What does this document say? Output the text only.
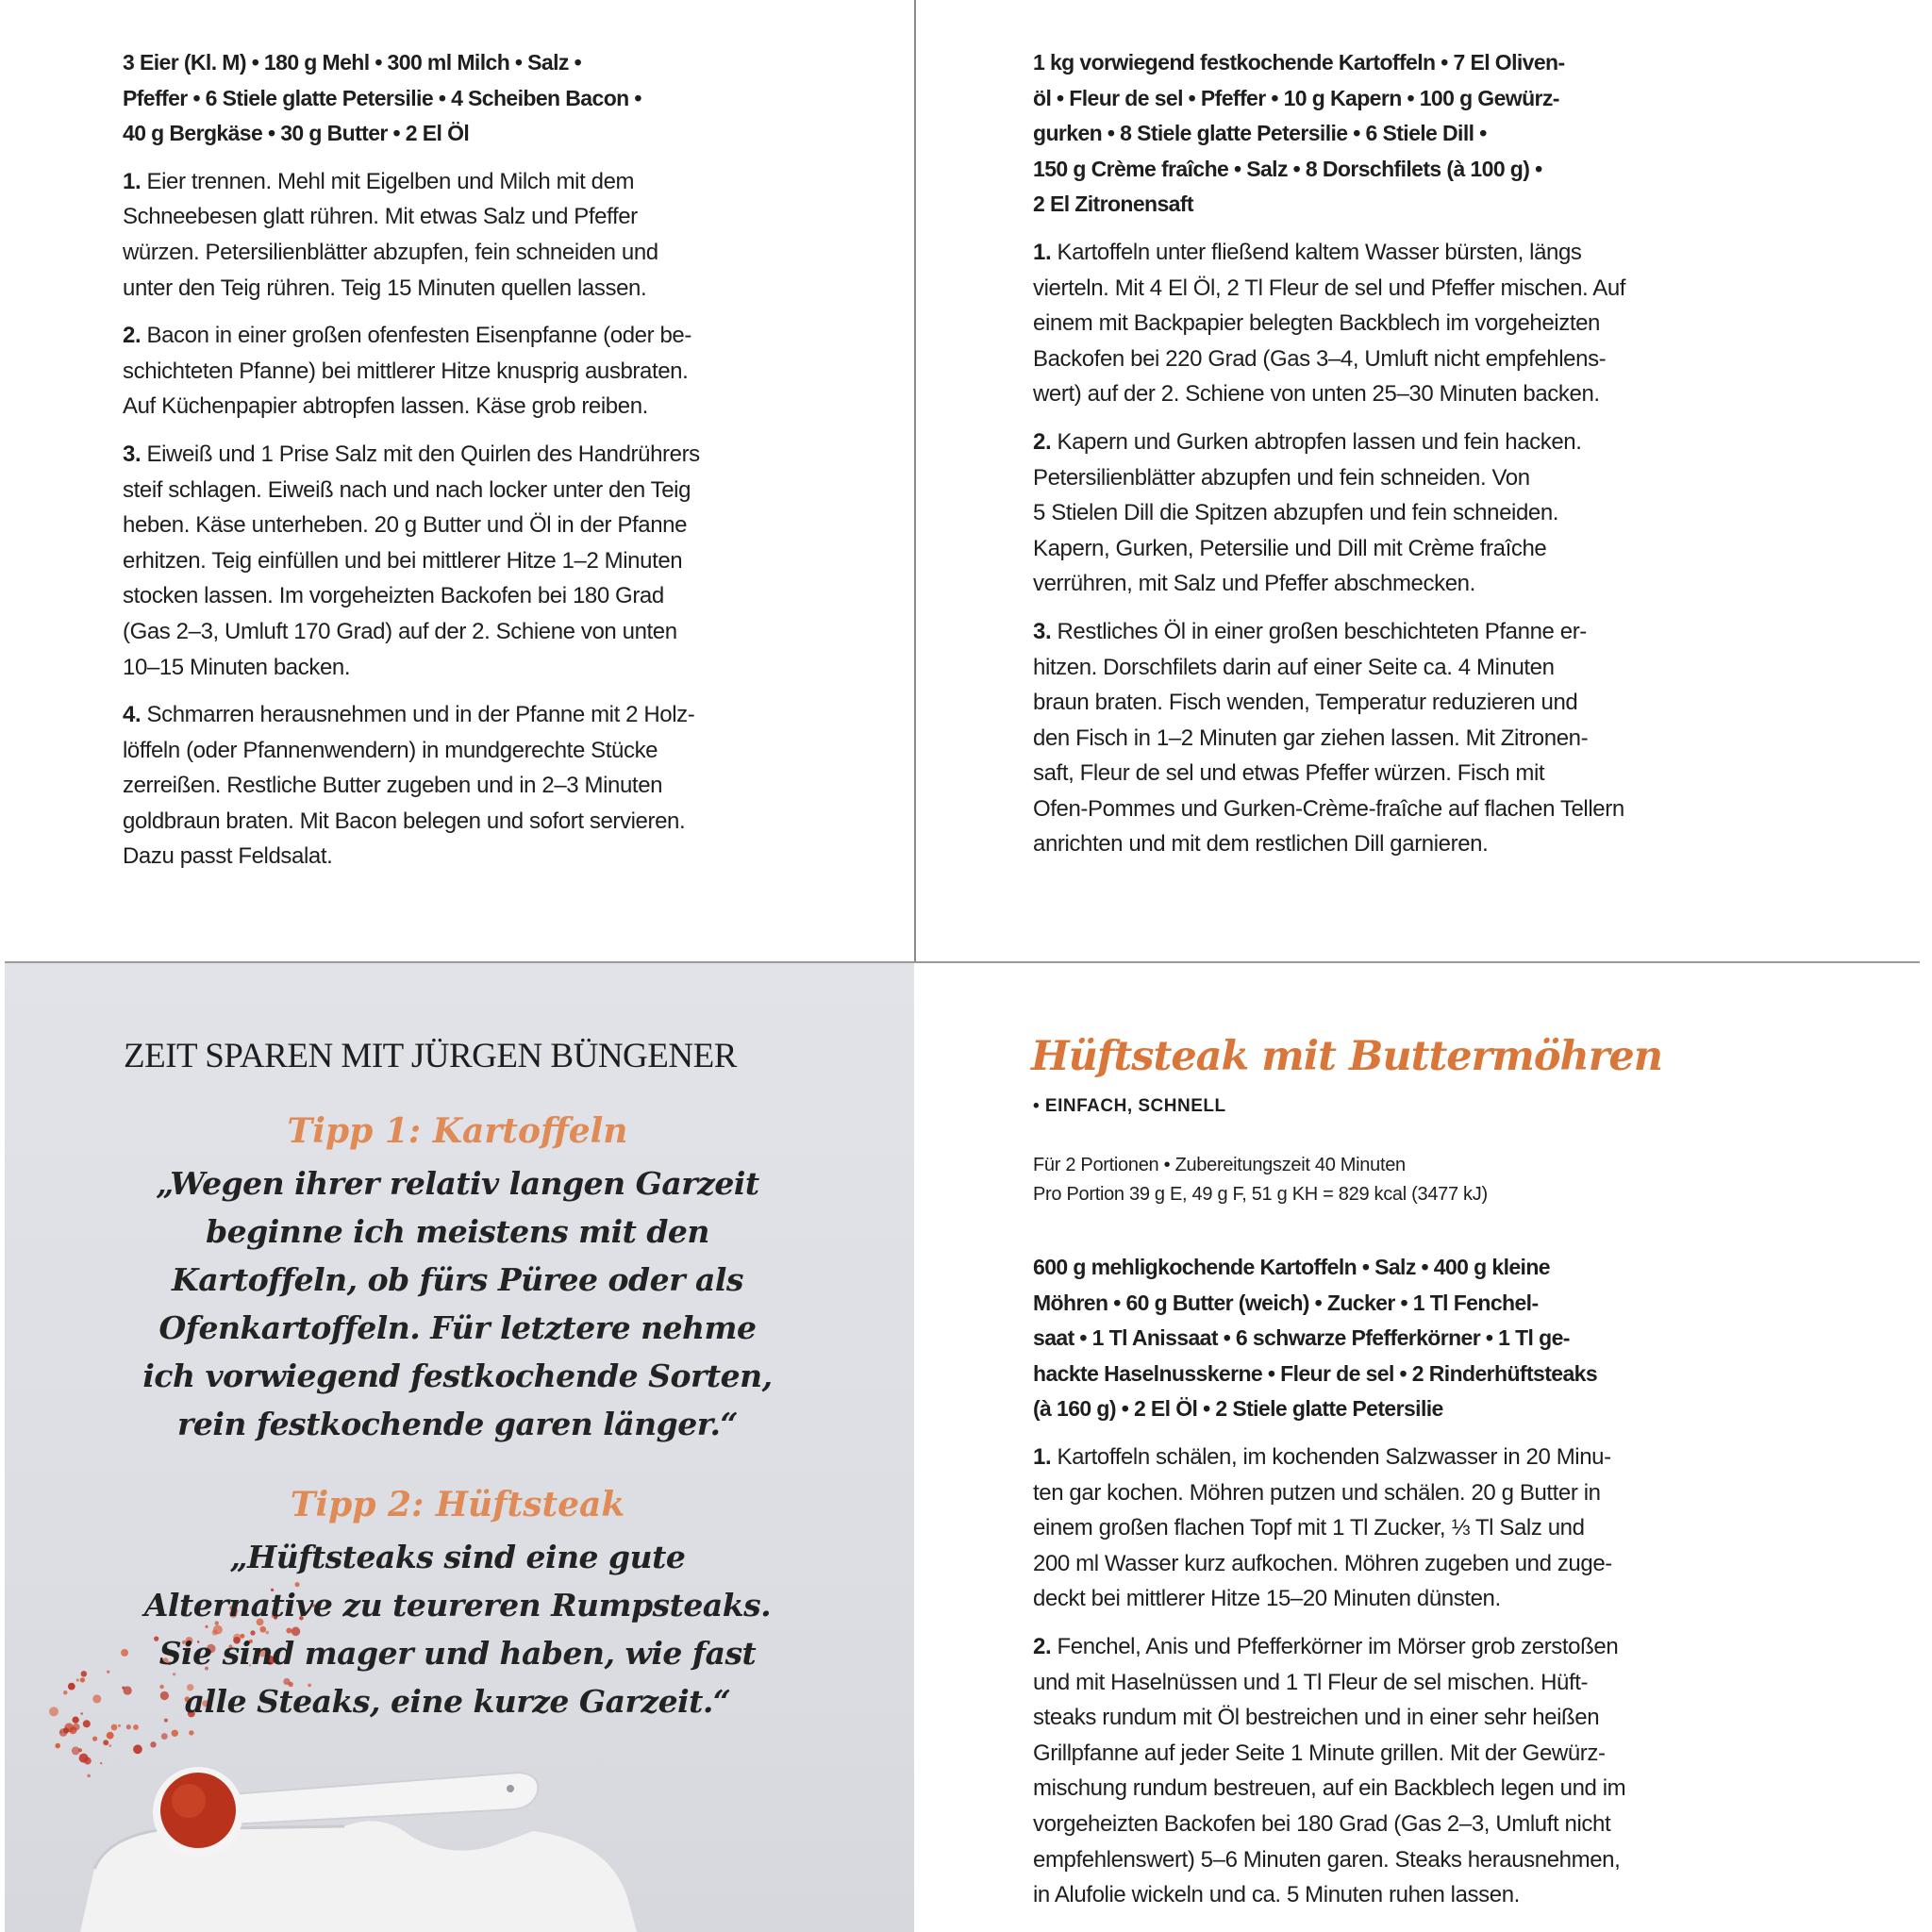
3 Eier (Kl. M) • 180 g Mehl • 300 ml Milch • Salz •
Pfeffer • 6 Stiele glatte Petersilie • 4 Scheiben Bacon •
40 g Bergkäse • 30 g Butter • 2 El Öl
1. Eier trennen. Mehl mit Eigelben und Milch mit dem
Schneebesen glatt rühren. Mit etwas Salz und Pfeffer
würzen. Petersilienblätter abzupfen, fein schneiden und
unter den Teig rühren. Teig 15 Minuten quellen lassen.
2. Bacon in einer großen ofenfesten Eisenpfanne (oder be-
schichteten Pfanne) bei mittlerer Hitze knusprig ausbraten.
Auf Küchenpapier abtropfen lassen. Käse grob reiben.
3. Eiweiß und 1 Prise Salz mit den Quirlen des Handrührers
steif schlagen. Eiweiß nach und nach locker unter den Teig
heben. Käse unterheben. 20 g Butter und Öl in der Pfanne
erhitzen. Teig einfüllen und bei mittlerer Hitze 1–2 Minuten
stocken lassen. Im vorgeheizten Backofen bei 180 Grad
(Gas 2–3, Umluft 170 Grad) auf der 2. Schiene von unten
10–15 Minuten backen.
4. Schmarren herausnehmen und in der Pfanne mit 2 Holz-
löffeln (oder Pfannenwendern) in mundgerechte Stücke
zerreißen. Restliche Butter zugeben und in 2–3 Minuten
goldbraun braten. Mit Bacon belegen und sofort servieren.
Dazu passt Feldsalat.
1 kg vorwiegend festkochende Kartoffeln • 7 El Oliven-
öl • Fleur de sel • Pfeffer • 10 g Kapern • 100 g Gewürz-
gurken • 8 Stiele glatte Petersilie • 6 Stiele Dill •
150 g Crème fraîche • Salz • 8 Dorschfilets (à 100 g) •
2 El Zitronensaft
1. Kartoffeln unter fließend kaltem Wasser bürsten, längs
vierteln. Mit 4 El Öl, 2 Tl Fleur de sel und Pfeffer mischen. Auf
einem mit Backpapier belegten Backblech im vorgeheizten
Backofen bei 220 Grad (Gas 3–4, Umluft nicht empfehlens-
wert) auf der 2. Schiene von unten 25–30 Minuten backen.
2. Kapern und Gurken abtropfen lassen und fein hacken.
Petersilienblätter abzupfen und fein schneiden. Von
5 Stielen Dill die Spitzen abzupfen und fein schneiden.
Kapern, Gurken, Petersilie und Dill mit Crème fraîche
verrühren, mit Salz und Pfeffer abschmecken.
3. Restliches Öl in einer großen beschichteten Pfanne er-
hitzen. Dorschfilets darin auf einer Seite ca. 4 Minuten
braun braten. Fisch wenden, Temperatur reduzieren und
den Fisch in 1–2 Minuten gar ziehen lassen. Mit Zitronen-
saft, Fleur de sel und etwas Pfeffer würzen. Fisch mit
Ofen-Pommes und Gurken-Crème-fraîche auf flachen Tellern
anrichten und mit dem restlichen Dill garnieren.
ZEIT SPAREN MIT JÜRGEN BÜNGENER
Tipp 1: Kartoffeln
„Wegen ihrer relativ langen Garzeit
beginne ich meistens mit den
Kartoffeln, ob fürs Püree oder als
Ofenkartoffeln. Für letztere nehme
ich vorwiegend festkochende Sorten,
rein festkochende garen länger.“
Tipp 2: Hüftsteak
„Hüftsteaks sind eine gute
Alternative zu teureren Rumpsteaks.
Sie sind mager und haben, wie fast
alle Steaks, eine kurze Garzeit.“
Hüftsteak mit Buttermöhren
• EINFACH, SCHNELL
Für 2 Portionen • Zubereitungszeit 40 Minuten
Pro Portion 39 g E, 49 g F, 51 g KH = 829 kcal (3477 kJ)
600 g mehligkochende Kartoffeln • Salz • 400 g kleine
Möhren • 60 g Butter (weich) • Zucker • 1 Tl Fenchel-
saat • 1 Tl Anissaat • 6 schwarze Pfefferkörner • 1 Tl ge-
hackte Haselnusskerne • Fleur de sel • 2 Rinderhüftsteaks
(à 160 g) • 2 El Öl • 2 Stiele glatte Petersilie
1. Kartoffeln schälen, im kochenden Salzwasser in 20 Minu-
ten gar kochen. Möhren putzen und schälen. 20 g Butter in
einem großen flachen Topf mit 1 Tl Zucker, ⅓ Tl Salz und
200 ml Wasser kurz aufkochen. Möhren zugeben und zuge-
deckt bei mittlerer Hitze 15–20 Minuten dünsten.
2. Fenchel, Anis und Pfefferkörner im Mörser grob zerstoßen
und mit Haselnüssen und 1 Tl Fleur de sel mischen. Hüft-
steaks rundum mit Öl bestreichen und in einer sehr heißen
Grillpfanne auf jeder Seite 1 Minute grillen. Mit der Gewürz-
mischung rundum bestreuen, auf ein Backblech legen und im
vorgeheizten Backofen bei 180 Grad (Gas 2–3, Umluft nicht
empfehlenswert) 5–6 Minuten garen. Steaks herausnehmen,
in Alufolie wickeln und ca. 5 Minuten ruhen lassen.
